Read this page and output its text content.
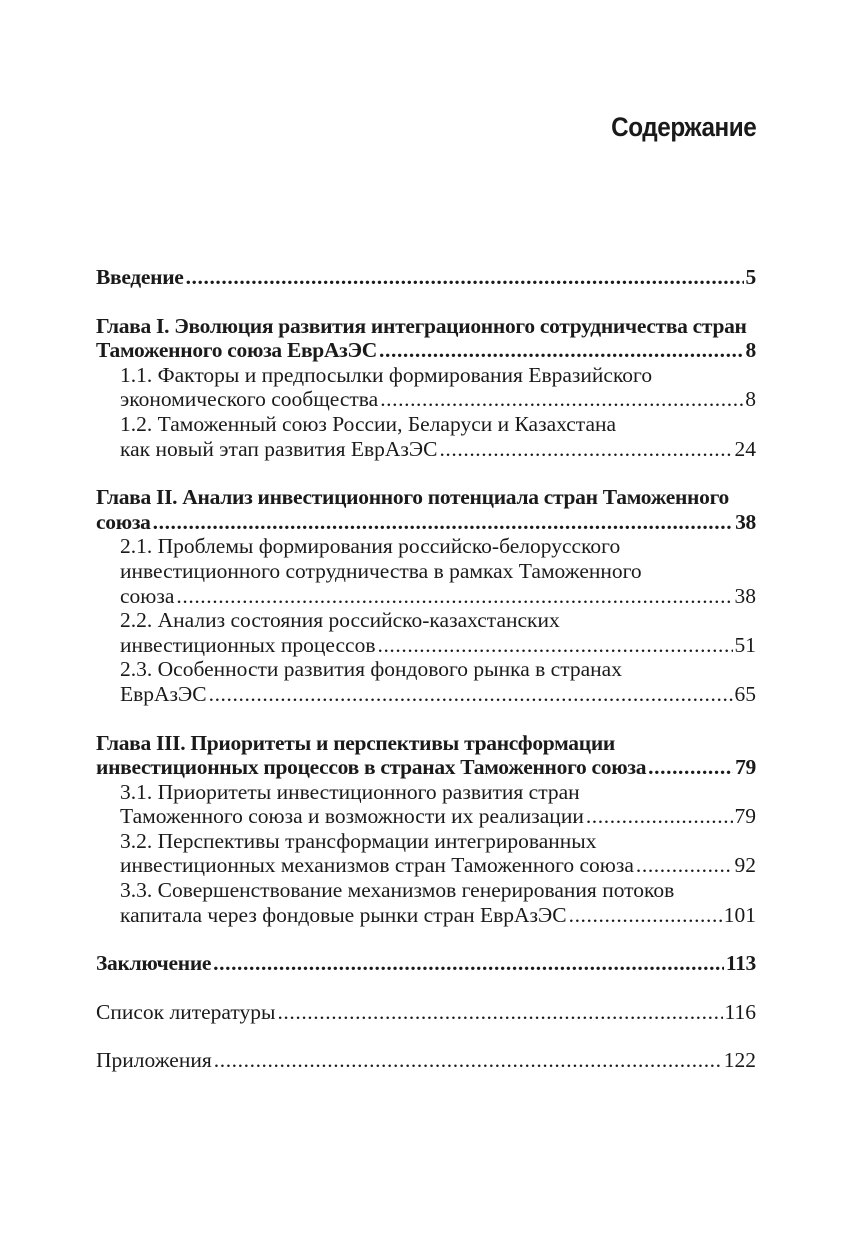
Содержание
Введение .....	5
Глава I. Эволюция развития интеграционного сотрудничества стран
Таможенного союза ЕврАзЭС .....	8
1.1. Факторы и предпосылки формирования Евразийского
экономического сообщества .....	8
1.2. Таможенный союз России, Беларуси и Казахстана
как новый этап развития ЕврАзЭС .....	24
Глава II. Анализ инвестиционного потенциала стран Таможенного
союза .....	38
2.1. Проблемы формирования российско-белорусского
инвестиционного сотрудничества в рамках Таможенного
союза .....	38
2.2. Анализ состояния российско-казахстанских
инвестиционных процессов .....	51
2.3. Особенности развития фондового рынка в странах
ЕврАзЭС .....	65
Глава III. Приоритеты и перспективы трансформации
инвестиционных процессов в странах Таможенного союза .....	79
3.1. Приоритеты инвестиционного развития стран
Таможенного союза и возможности их реализации .....	79
3.2. Перспективы трансформации интегрированных
инвестиционных механизмов стран Таможенного союза .....	92
3.3. Совершенствование механизмов генерирования потоков
капитала через фондовые рынки стран ЕврАзЭС .....	101
Заключение .....	113
Список литературы .....	116
Приложения .....	122
